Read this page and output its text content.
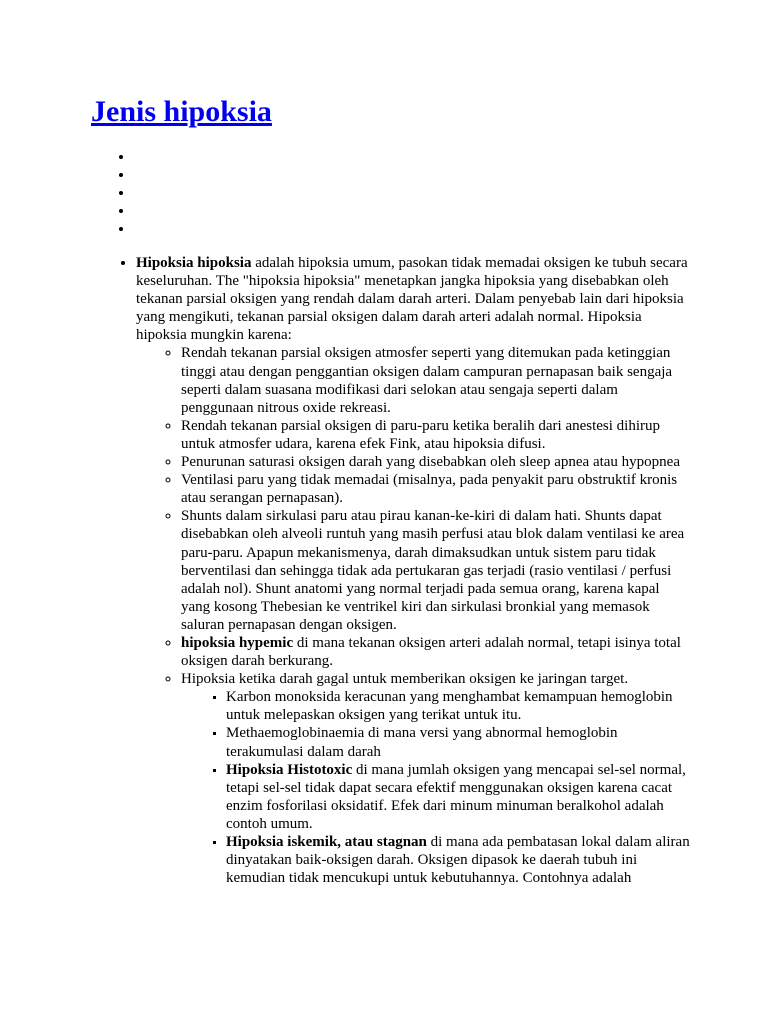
Jenis hipoksia
• Hipoksia hipoksia adalah hipoksia umum, pasokan tidak memadai oksigen ke tubuh secara keseluruhan. The "hipoksia hipoksia" menetapkan jangka hipoksia yang disebabkan oleh tekanan parsial oksigen yang rendah dalam darah arteri. Dalam penyebab lain dari hipoksia yang mengikuti, tekanan parsial oksigen dalam darah arteri adalah normal. Hipoksia hipoksia mungkin karena:
◦ Rendah tekanan parsial oksigen atmosfer seperti yang ditemukan pada ketinggian tinggi atau dengan penggantian oksigen dalam campuran pernapasan baik sengaja seperti dalam suasana modifikasi dari selokan atau sengaja seperti dalam penggunaan nitrous oxide rekreasi.
◦ Rendah tekanan parsial oksigen di paru-paru ketika beralih dari anestesi dihirup untuk atmosfer udara, karena efek Fink, atau hipoksia difusi.
◦ Penurunan saturasi oksigen darah yang disebabkan oleh sleep apnea atau hypopnea
◦ Ventilasi paru yang tidak memadai (misalnya, pada penyakit paru obstruktif kronis atau serangan pernapasan).
◦ Shunts dalam sirkulasi paru atau pirau kanan-ke-kiri di dalam hati. Shunts dapat disebabkan oleh alveoli runtuh yang masih perfusi atau blok dalam ventilasi ke area paru-paru. Apapun mekanismenya, darah dimaksudkan untuk sistem paru tidak berventilasi dan sehingga tidak ada pertukaran gas terjadi (rasio ventilasi / perfusi adalah nol). Shunt anatomi yang normal terjadi pada semua orang, karena kapal yang kosong Thebesian ke ventrikel kiri dan sirkulasi bronkial yang memasok saluran pernapasan dengan oksigen.
◦ hipoksia hypemic di mana tekanan oksigen arteri adalah normal, tetapi isinya total oksigen darah berkurang.
◦ Hipoksia ketika darah gagal untuk memberikan oksigen ke jaringan target.
▪ Karbon monoksida keracunan yang menghambat kemampuan hemoglobin untuk melepaskan oksigen yang terikat untuk itu.
▪ Methaemoglobinaemia di mana versi yang abnormal hemoglobin terakumulasi dalam darah
▪ Hipoksia Histotoxic di mana jumlah oksigen yang mencapai sel-sel normal, tetapi sel-sel tidak dapat secara efektif menggunakan oksigen karena cacat enzim fosforilasi oksidatif. Efek dari minum minuman beralkohol adalah contoh umum.
▪ Hipoksia iskemik, atau stagnan di mana ada pembatasan lokal dalam aliran dinyatakan baik-oksigen darah. Oksigen dipasok ke daerah tubuh ini kemudian tidak mencukupi untuk kebutuhannya. Contohnya adalah
